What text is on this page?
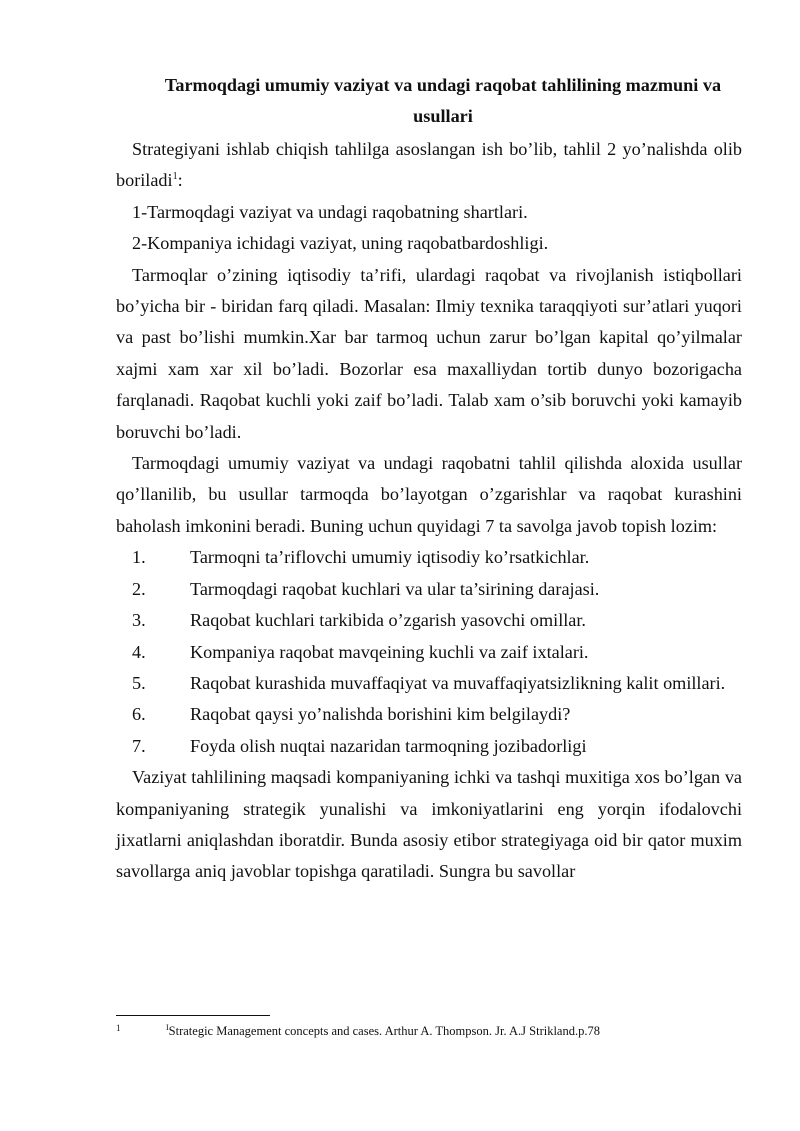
Tarmoqdagi umumiy vaziyat va undagi raqobat tahlilining mazmuni va usullari

Strategiyani ishlab chiqish tahlilga asoslangan ish bo’lib, tahlil 2 yo’nalishda olib boriladi$^1$:

1-Tarmoqdagi vaziyat va undagi raqobatning shartlari.

2-Kompaniya ichidagi vaziyat, uning raqobatbardoshligi.

Tarmoqlar o’zining iqtisodiy ta’rifi, ulardagi raqobat va rivojlanish istiqbollari bo’yicha bir - biridan farq qiladi. Masalan: Ilmiy texnika taraqqiyoti sur’atlari yuqori va past bo’lishi mumkin.Xar bar tarmoq uchun zarur bo’lgan kapital qo’yilmalar xajmi xam xar xil bo’ladi. Bozorlar esa maxalliydan tortib dunyo bozorigacha farqlanadi. Raqobat kuchli yoki zaif bo’ladi. Talab xam o’sib boruvchi yoki kamayib boruvchi bo’ladi.

Tarmoqdagi umumiy vaziyat va undagi raqobatni tahlil qilishda aloxida usullar qo’llanilib, bu usullar tarmoqda bo’layotgan o’zgarishlar va raqobat kurashini baholash imkonini beradi. Buning uchun quyidagi 7 ta savolga javob topish lozim:

1. Tarmoqni ta’riflovchi umumiy iqtisodiy ko’rsatkichlar.
2. Tarmoqdagi raqobat kuchlari va ular ta’sirining darajasi.
3. Raqobat kuchlari tarkibida o’zgarish yasovchi omillar.
4. Kompaniya raqobat mavqeining kuchli va zaif ixtalari.
5. Raqobat kurashida muvaffaqiyat va muvaffaqiyatsizlikning kalit omillari.
6. Raqobat qaysi yo’nalishda borishini kim belgilaydi?
7. Foyda olish nuqtai nazaridan tarmoqning jozibadorligi

Vaziyat tahlilining maqsadi kompaniyaning ichki va tashqi muxitiga xos bo’lgan va kompaniyaning strategik yunalishi va imkoniyatlarini eng yorqin ifodalovchi jixatlarni aniqlashdan iboratdir. Bunda asosiy etibor strategiyaga oid bir qator muxim savollarga aniq javoblar topishga qaratiladi. Sungra bu savollar

1	$^I$Strategic Management concepts and cases. Arthur A. Thompson. Jr. A.J Strikland.p.78
